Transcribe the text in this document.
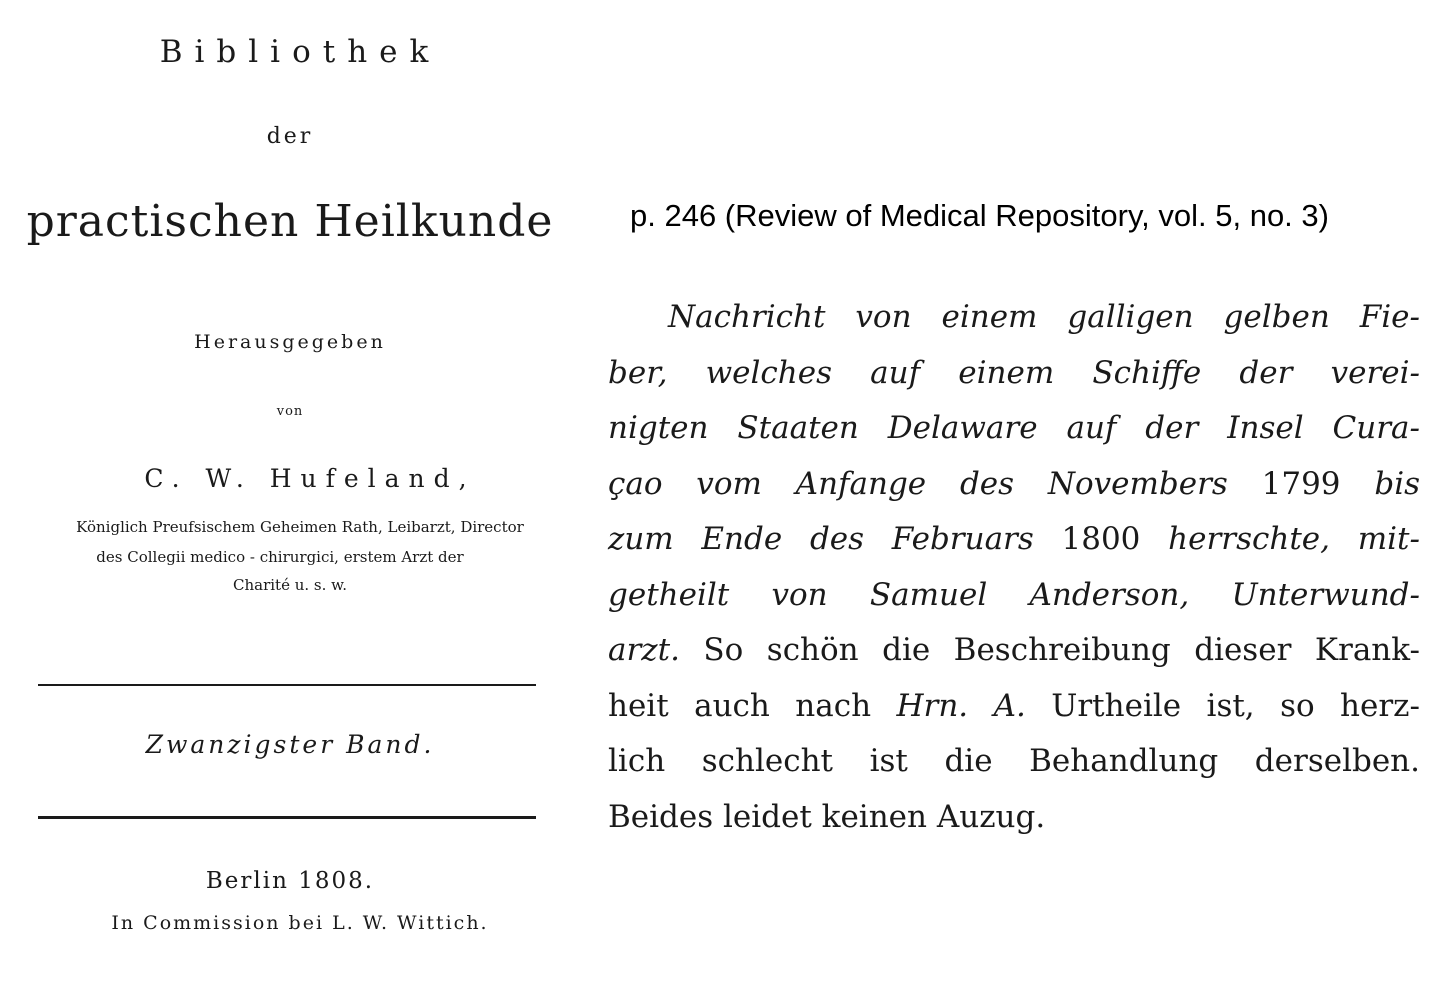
Bibliothek
der
practischen Heilkunde
Herausgegeben
von
C. W. Hufeland,
Königlich Preufsischem Geheimen Rath, Leibarzt, Director
des Collegii medico - chirurgici, erstem Arzt der
Charité u. s. w.
Zwanzigster Band.
Berlin 1808.
In Commission bei L. W. Wittich.
p. 246 (Review of Medical Repository, vol. 5, no. 3)
Nachricht von einem galligen gelben Fie-
ber, welches auf einem Schiffe der verei-
nigten Staaten Delaware auf der Insel Cura-
çao vom Anfange des Novembers 1799 bis
zum Ende des Februars 1800 herrschte, mit-
getheilt von Samuel Anderson, Unterwund-
arzt. So schön die Beschreibung dieser Krank-
heit auch nach Hrn. A. Urtheile ist, so herz-
lich schlecht ist die Behandlung derselben.
Beides leidet keinen Auzug.
